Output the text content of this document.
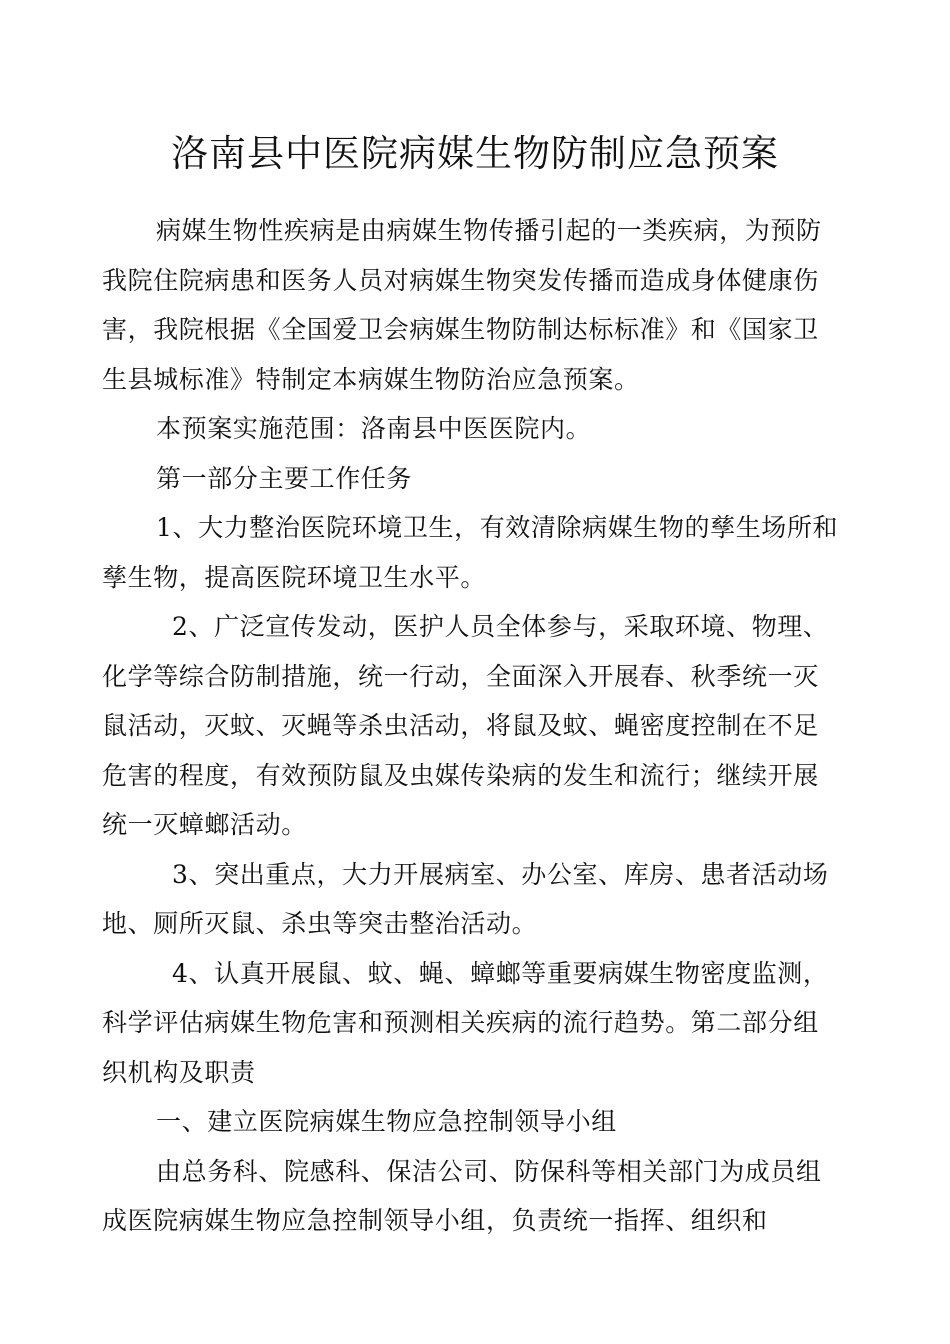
洛南县中医院病媒生物防制应急预案

病媒生物性疾病是由病媒生物传播引起的一类疾病，为预防我院住院病患和医务人员对病媒生物突发传播而造成身体健康伤害，我院根据《全国爱卫会病媒生物防制达标标准》和《国家卫生县城标准》特制定本病媒生物防治应急预案。

本预案实施范围：洛南县中医医院内。

第一部分主要工作任务

1、大力整治医院环境卫生，有效清除病媒生物的孳生场所和孳生物，提高医院环境卫生水平。

2、广泛宣传发动，医护人员全体参与，采取环境、物理、化学等综合防制措施，统一行动，全面深入开展春、秋季统一灭鼠活动，灭蚊、灭蝇等杀虫活动，将鼠及蚊、蝇密度控制在不足危害的程度，有效预防鼠及虫媒传染病的发生和流行；继续开展统一灭蟑螂活动。

3、突出重点，大力开展病室、办公室、库房、患者活动场地、厕所灭鼠、杀虫等突击整治活动。

4、认真开展鼠、蚊、蝇、蟑螂等重要病媒生物密度监测，科学评估病媒生物危害和预测相关疾病的流行趋势。第二部分组织机构及职责

一、建立医院病媒生物应急控制领导小组

由总务科、院感科、保洁公司、防保科等相关部门为成员组成医院病媒生物应急控制领导小组，负责统一指挥、组织和
